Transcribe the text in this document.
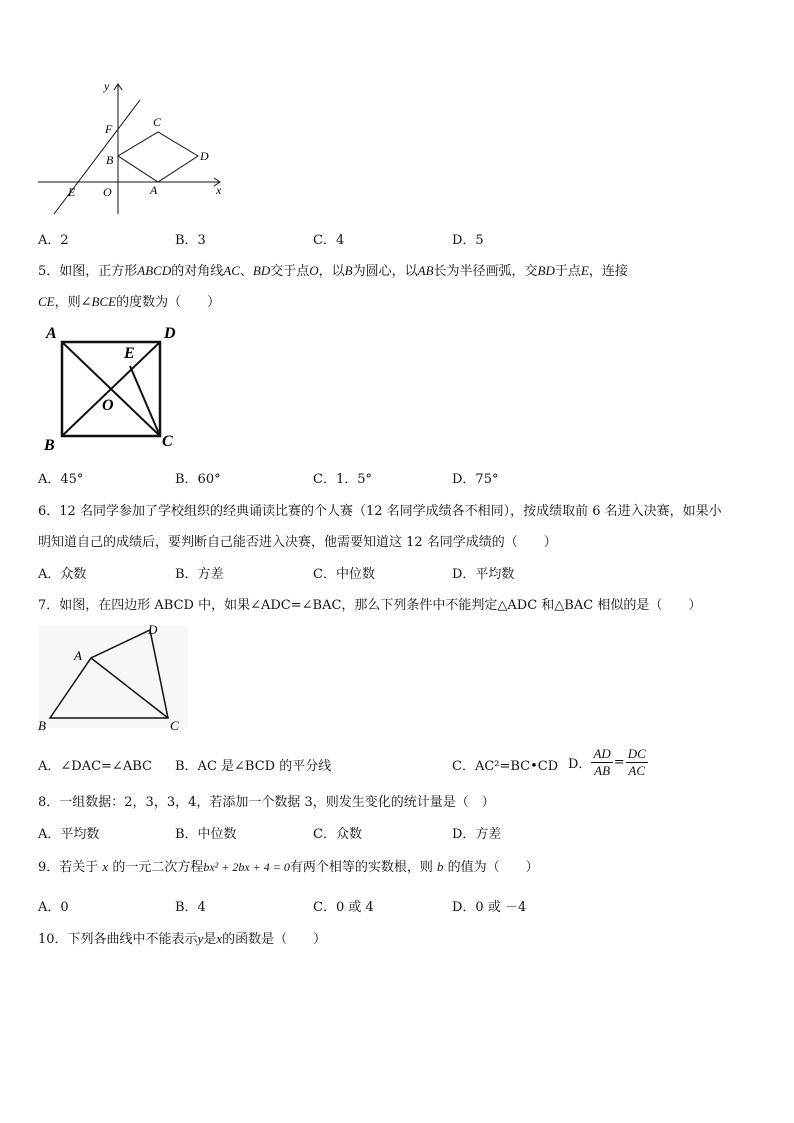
y
x
F	C
B	D
E O	A
A．2	B．3	C．4	D．5
5．如图，正方形ABCD的对角线AC、BD交于点O，以B为圆心，以AB长为半径画弧，交BD于点E，连接
CE，则∠BCE的度数为（　　）
A	D
E
O
B	C
A．45°	B．60°	C．1．5°	D．75°
6．12 名同学参加了学校组织的经典诵读比赛的个人赛（12 名同学成绩各不相同），按成绩取前 6 名进入决赛，如果小
明知道自己的成绩后，要判断自己能否进入决赛，他需要知道这 12 名同学成绩的（　　）
A．众数	B．方差	C．中位数	D．平均数
7．如图，在四边形 ABCD 中，如果∠ADC=∠BAC，那么下列条件中不能判定△ADC 和△BAC 相似的是（　　）
A
B	C
D
A．∠DAC=∠ABC B．AC 是∠BCD 的平分线	C．AC²=BC•CD D． $\frac{AD}{AB} = \frac{DC}{AC}$
8．一组数据：2，3，3，4，若添加一个数据 3，则发生变化的统计量是（　）
A．平均数	B．中位数	C．众数	D．方差
9．若关于 x 的一元二次方程bx² + 2bx + 4 = 0有两个相等的实数根，则 b 的值为（　　）
A．0	B．4	C．0 或 4	D．0 或 －4
10．下列各曲线中不能表示y是x的函数是（　　）
